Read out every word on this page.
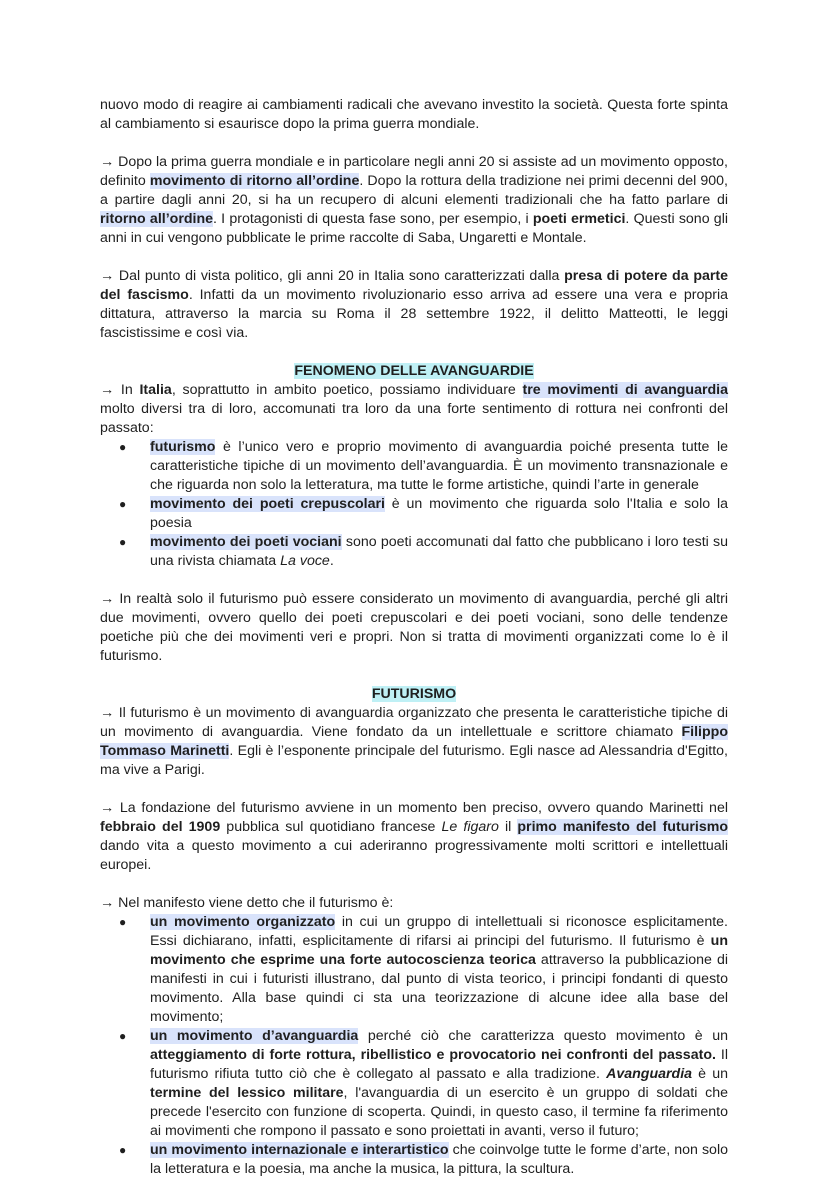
nuovo modo di reagire ai cambiamenti radicali che avevano investito la società. Questa forte spinta al cambiamento si esaurisce dopo la prima guerra mondiale.

→ Dopo la prima guerra mondiale e in particolare negli anni 20 si assiste ad un movimento opposto, definito movimento di ritorno all’ordine. Dopo la rottura della tradizione nei primi decenni del 900, a partire dagli anni 20, si ha un recupero di alcuni elementi tradizionali che ha fatto parlare di ritorno all’ordine. I protagonisti di questa fase sono, per esempio, i poeti ermetici. Questi sono gli anni in cui vengono pubblicate le prime raccolte di Saba, Ungaretti e Montale.

→ Dal punto di vista politico, gli anni 20 in Italia sono caratterizzati dalla presa di potere da parte del fascismo. Infatti da un movimento rivoluzionario esso arriva ad essere una vera e propria dittatura, attraverso la marcia su Roma il 28 settembre 1922, il delitto Matteotti, le leggi fascistissime e così via.

FENOMENO DELLE AVANGUARDIE

→ In Italia, soprattutto in ambito poetico, possiamo individuare tre movimenti di avanguardia molto diversi tra di loro, accomunati tra loro da una forte sentimento di rottura nei confronti del passato:

● futurismo è l’unico vero e proprio movimento di avanguardia poiché presenta tutte le caratteristiche tipiche di un movimento dell’avanguardia. È un movimento transnazionale e che riguarda non solo la letteratura, ma tutte le forme artistiche, quindi l’arte in generale
● movimento dei poeti crepuscolari è un movimento che riguarda solo l'Italia e solo la poesia
● movimento dei poeti vociani sono poeti accomunati dal fatto che pubblicano i loro testi su una rivista chiamata La voce.

→ In realtà solo il futurismo può essere considerato un movimento di avanguardia, perché gli altri due movimenti, ovvero quello dei poeti crepuscolari e dei poeti vociani, sono delle tendenze poetiche più che dei movimenti veri e propri. Non si tratta di movimenti organizzati come lo è il futurismo.

FUTURISMO

→ Il futurismo è un movimento di avanguardia organizzato che presenta le caratteristiche tipiche di un movimento di avanguardia. Viene fondato da un intellettuale e scrittore chiamato Filippo Tommaso Marinetti. Egli è l’esponente principale del futurismo. Egli nasce ad Alessandria d'Egitto, ma vive a Parigi.

→ La fondazione del futurismo avviene in un momento ben preciso, ovvero quando Marinetti nel febbraio del 1909 pubblica sul quotidiano francese Le figaro il primo manifesto del futurismo dando vita a questo movimento a cui aderiranno progressivamente molti scrittori e intellettuali europei.

→ Nel manifesto viene detto che il futurismo è:

● un movimento organizzato in cui un gruppo di intellettuali si riconosce esplicitamente. Essi dichiarano, infatti, esplicitamente di rifarsi ai principi del futurismo. Il futurismo è un movimento che esprime una forte autocoscienza teorica attraverso la pubblicazione di manifesti in cui i futuristi illustrano, dal punto di vista teorico, i principi fondanti di questo movimento. Alla base quindi ci sta una teorizzazione di alcune idee alla base del movimento;
● un movimento d’avanguardia perché ciò che caratterizza questo movimento è un atteggiamento di forte rottura, ribellistico e provocatorio nei confronti del passato. Il futurismo rifiuta tutto ciò che è collegato al passato e alla tradizione. Avanguardia è un termine del lessico militare, l'avanguardia di un esercito è un gruppo di soldati che precede l'esercito con funzione di scoperta. Quindi, in questo caso, il termine fa riferimento ai movimenti che rompono il passato e sono proiettati in avanti, verso il futuro;
● un movimento internazionale e interartistico che coinvolge tutte le forme d’arte, non solo la letteratura e la poesia, ma anche la musica, la pittura, la scultura.
